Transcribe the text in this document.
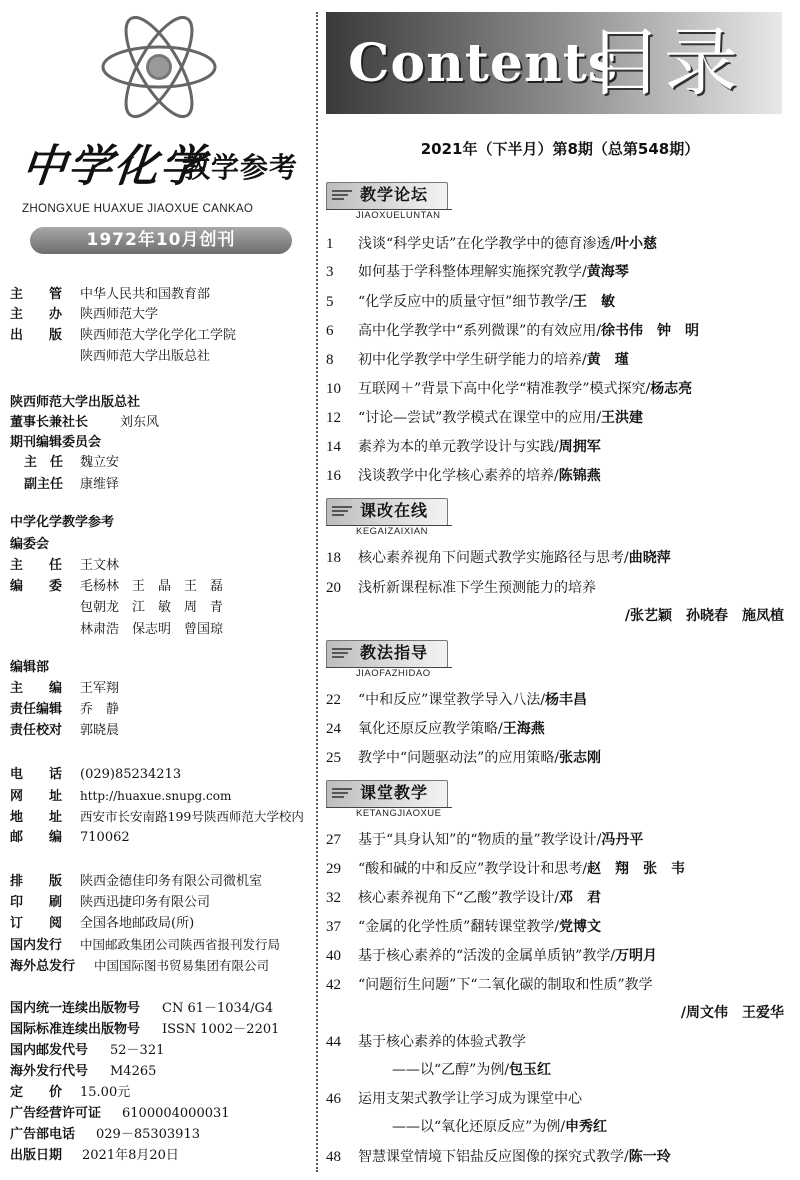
中学化学
教学参考
ZHONGXUE HUAXUE JIAOXUE CANKAO
1972年10月创刊
主　　管 中华人民共和国教育部
主　　办 陕西师范大学
出　　版 陕西师范大学化学化工学院
陕西师范大学出版总社
陕西师范大学出版总社
董事长兼社长 刘东风
期刊编辑委员会
主　任 魏立安
副主任 康维铎
中学化学教学参考
编委会
主　　任 王文林
编　　委 毛杨林　王　晶　王　磊
包朝龙　江　敏　周　青
林肃浩　保志明　曾国琼
编辑部
主　　编 王军翔
责任编辑 乔　静
责任校对 郭晓晨
电　　话 (029)85234213
网　　址 http://huaxue.snupg.com
地　　址 西安市长安南路199号陕西师范大学校内
邮　　编 710062
排　　版 陕西金德佳印务有限公司微机室
印　　刷 陕西迅捷印务有限公司
订　　阅 全国各地邮政局(所)
国内发行 中国邮政集团公司陕西省报刊发行局
海外总发行 中国国际图书贸易集团有限公司
国内统一连续出版物号 CN 61－1034/G4
国际标准连续出版物号 ISSN 1002－2201
国内邮发代号 52－321
海外发行代号 M4265
定　　价 15.00元
广告经营许可证 6100004000031
广告部电话 029－85303913
出版日期 2021年8月20日
Contents
目录
2021年（下半月）第8期（总第548期）
教学论坛
JIAOXUELUNTAN
1 浅谈“科学史话”在化学教学中的德育渗透/叶小慈
3 如何基于学科整体理解实施探究教学/黄海琴
5 “化学反应中的质量守恒”细节教学/王　敏
6 高中化学教学中“系列微课”的有效应用/徐书伟　钟　明
8 初中化学教学中学生研学能力的培养/黄　瑾
10 互联网＋”背景下高中化学“精准教学”模式探究/杨志亮
12 “讨论—尝试”教学模式在课堂中的应用/王洪建
14 素养为本的单元教学设计与实践/周拥军
16 浅谈教学中化学核心素养的培养/陈锦燕
课改在线
KEGAIZAIXIAN
18 核心素养视角下问题式教学实施路径与思考/曲晓萍
20 浅析新课程标准下学生预测能力的培养
/张艺颖　孙晓春　施凤植
教法指导
JIAOFAZHIDAO
22 “中和反应”课堂教学导入八法/杨丰昌
24 氧化还原反应教学策略/王海燕
25 教学中“问题驱动法”的应用策略/张志刚
课堂教学
KETANGJIAOXUE
27 基于“具身认知”的“物质的量”教学设计/冯丹平
29 “酸和碱的中和反应”教学设计和思考/赵　翔　张　韦
32 核心素养视角下“乙酸”教学设计/邓　君
37 “金属的化学性质”翻转课堂教学/党博文
40 基于核心素养的“活泼的金属单质钠”教学/万明月
42 “问题衍生问题”下“二氧化碳的制取和性质”教学
/周文伟　王爱华
44 基于核心素养的体验式教学
——以“乙醇”为例/包玉红
46 运用支架式教学让学习成为课堂中心
——以“氧化还原反应”为例/申秀红
48 智慧课堂情境下铝盐反应图像的探究式教学/陈一玲
